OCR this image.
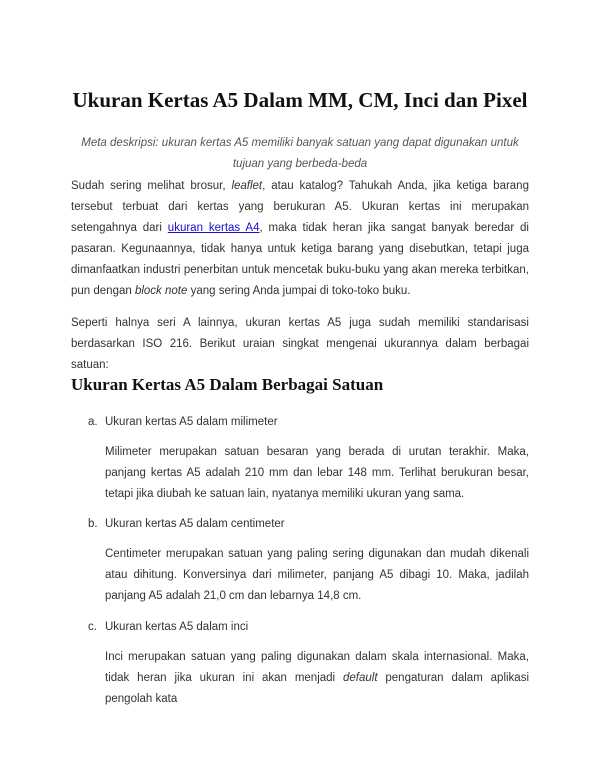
Ukuran Kertas A5 Dalam MM, CM, Inci dan Pixel
Meta deskripsi: ukuran kertas A5 memiliki banyak satuan yang dapat digunakan untuk tujuan yang berbeda-beda

Sudah sering melihat brosur, leaflet, atau katalog? Tahukah Anda, jika ketiga barang tersebut terbuat dari kertas yang berukuran A5. Ukuran kertas ini merupakan setengahnya dari ukuran kertas A4, maka tidak heran jika sangat banyak beredar di pasaran. Kegunaannya, tidak hanya untuk ketiga barang yang disebutkan, tetapi juga dimanfaatkan industri penerbitan untuk mencetak buku-buku yang akan mereka terbitkan, pun dengan block note yang sering Anda jumpai di toko-toko buku.

Seperti halnya seri A lainnya, ukuran kertas A5 juga sudah memiliki standarisasi berdasarkan ISO 216. Berikut uraian singkat mengenai ukurannya dalam berbagai satuan:

Ukuran Kertas A5 Dalam Berbagai Satuan
a. Ukuran kertas A5 dalam milimeter

Milimeter merupakan satuan besaran yang berada di urutan terakhir. Maka, panjang kertas A5 adalah 210 mm dan lebar 148 mm. Terlihat berukuran besar, tetapi jika diubah ke satuan lain, nyatanya memiliki ukuran yang sama.

b. Ukuran kertas A5 dalam centimeter

Centimeter merupakan satuan yang paling sering digunakan dan mudah dikenali atau dihitung. Konversinya dari milimeter, panjang A5 dibagi 10. Maka, jadilah panjang A5 adalah 21,0 cm dan lebarnya 14,8 cm.

c. Ukuran kertas A5 dalam inci

Inci merupakan satuan yang paling digunakan dalam skala internasional. Maka, tidak heran jika ukuran ini akan menjadi default pengaturan dalam aplikasi pengolah kata
